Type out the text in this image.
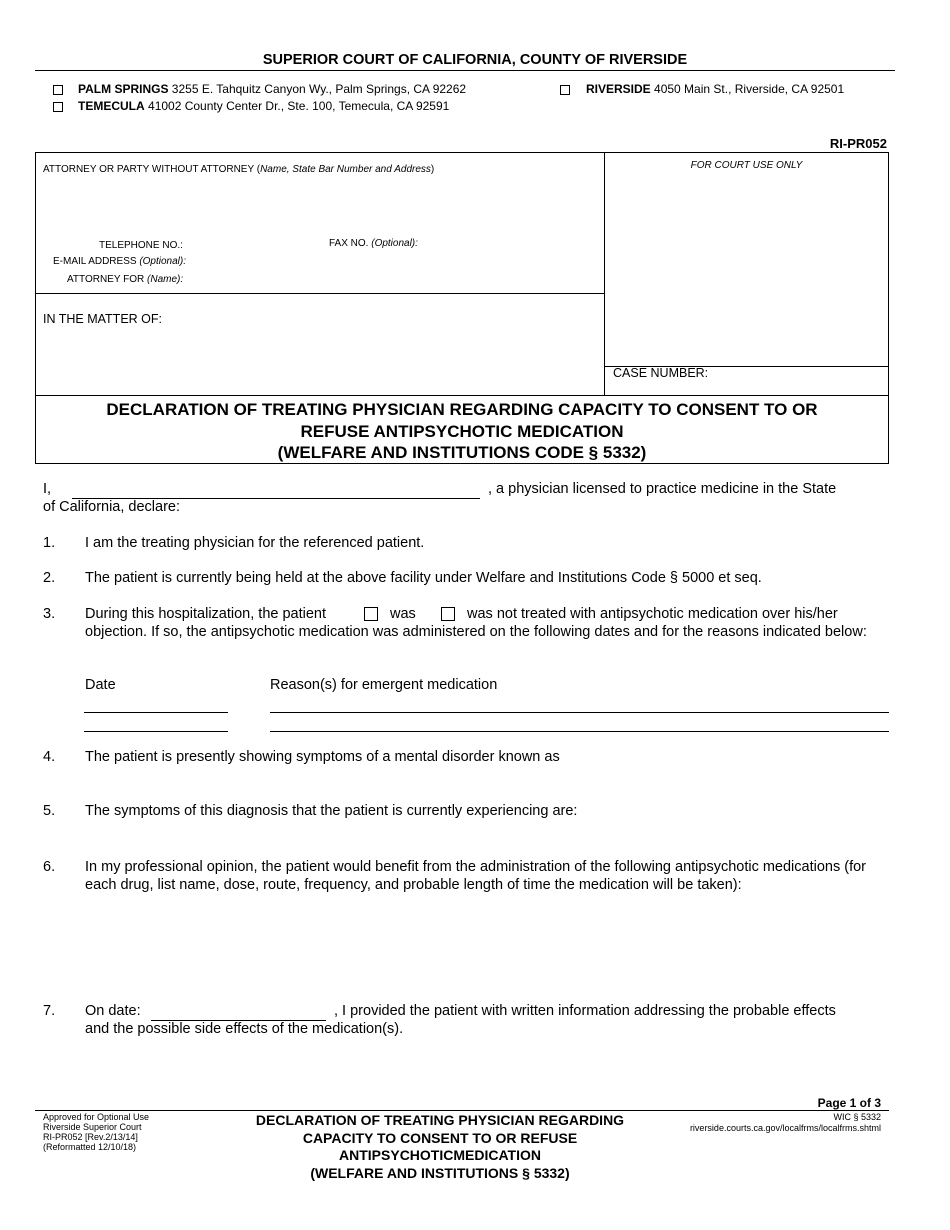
SUPERIOR COURT OF CALIFORNIA, COUNTY OF RIVERSIDE
PALM SPRINGS 3255 E. Tahquitz Canyon Wy., Palm Springs, CA 92262
TEMECULA 41002 County Center Dr., Ste. 100, Temecula, CA 92591
RIVERSIDE 4050 Main St., Riverside, CA 92501
RI-PR052
ATTORNEY OR PARTY WITHOUT ATTORNEY (Name, State Bar Number and Address)	FOR COURT USE ONLY
TELEPHONE NO.:	FAX NO. (Optional):
E-MAIL ADDRESS (Optional):
ATTORNEY FOR (Name):
IN THE MATTER OF:
CASE NUMBER:
DECLARATION OF TREATING PHYSICIAN REGARDING CAPACITY TO CONSENT TO OR
REFUSE ANTIPSYCHOTIC MEDICATION
(WELFARE AND INSTITUTIONS CODE § 5332)
I,	, a physician licensed to practice medicine in the State
of California, declare:
1. I am the treating physician for the referenced patient.
2. The patient is currently being held at the above facility under Welfare and Institutions Code § 5000 et seq.
3. During this hospitalization, the patient	was	was not treated with antipsychotic medication over his/her
objection. If so, the antipsychotic medication was administered on the following dates and for the reasons indicated below:
Date	Reason(s) for emergent medication
4. The patient is presently showing symptoms of a mental disorder known as
5. The symptoms of this diagnosis that the patient is currently experiencing are:
6. In my professional opinion, the patient would benefit from the administration of the following antipsychotic medications (for each drug, list name, dose, route, frequency, and probable length of time the medication will be taken):
7. On date:	, I provided the patient with written information addressing the probable effects
and the possible side effects of the medication(s).
Page 1 of 3
Approved for Optional Use
Riverside Superior Court
RI-PR052 [Rev.2/13/14]
(Reformatted 12/10/18)
DECLARATION OF TREATING PHYSICIAN REGARDING
CAPACITY TO CONSENT TO OR REFUSE
ANTIPSYCHOTICMEDICATION
(WELFARE AND INSTITUTIONS § 5332)
WIC § 5332
riverside.courts.ca.gov/localfrms/localfrms.shtml
